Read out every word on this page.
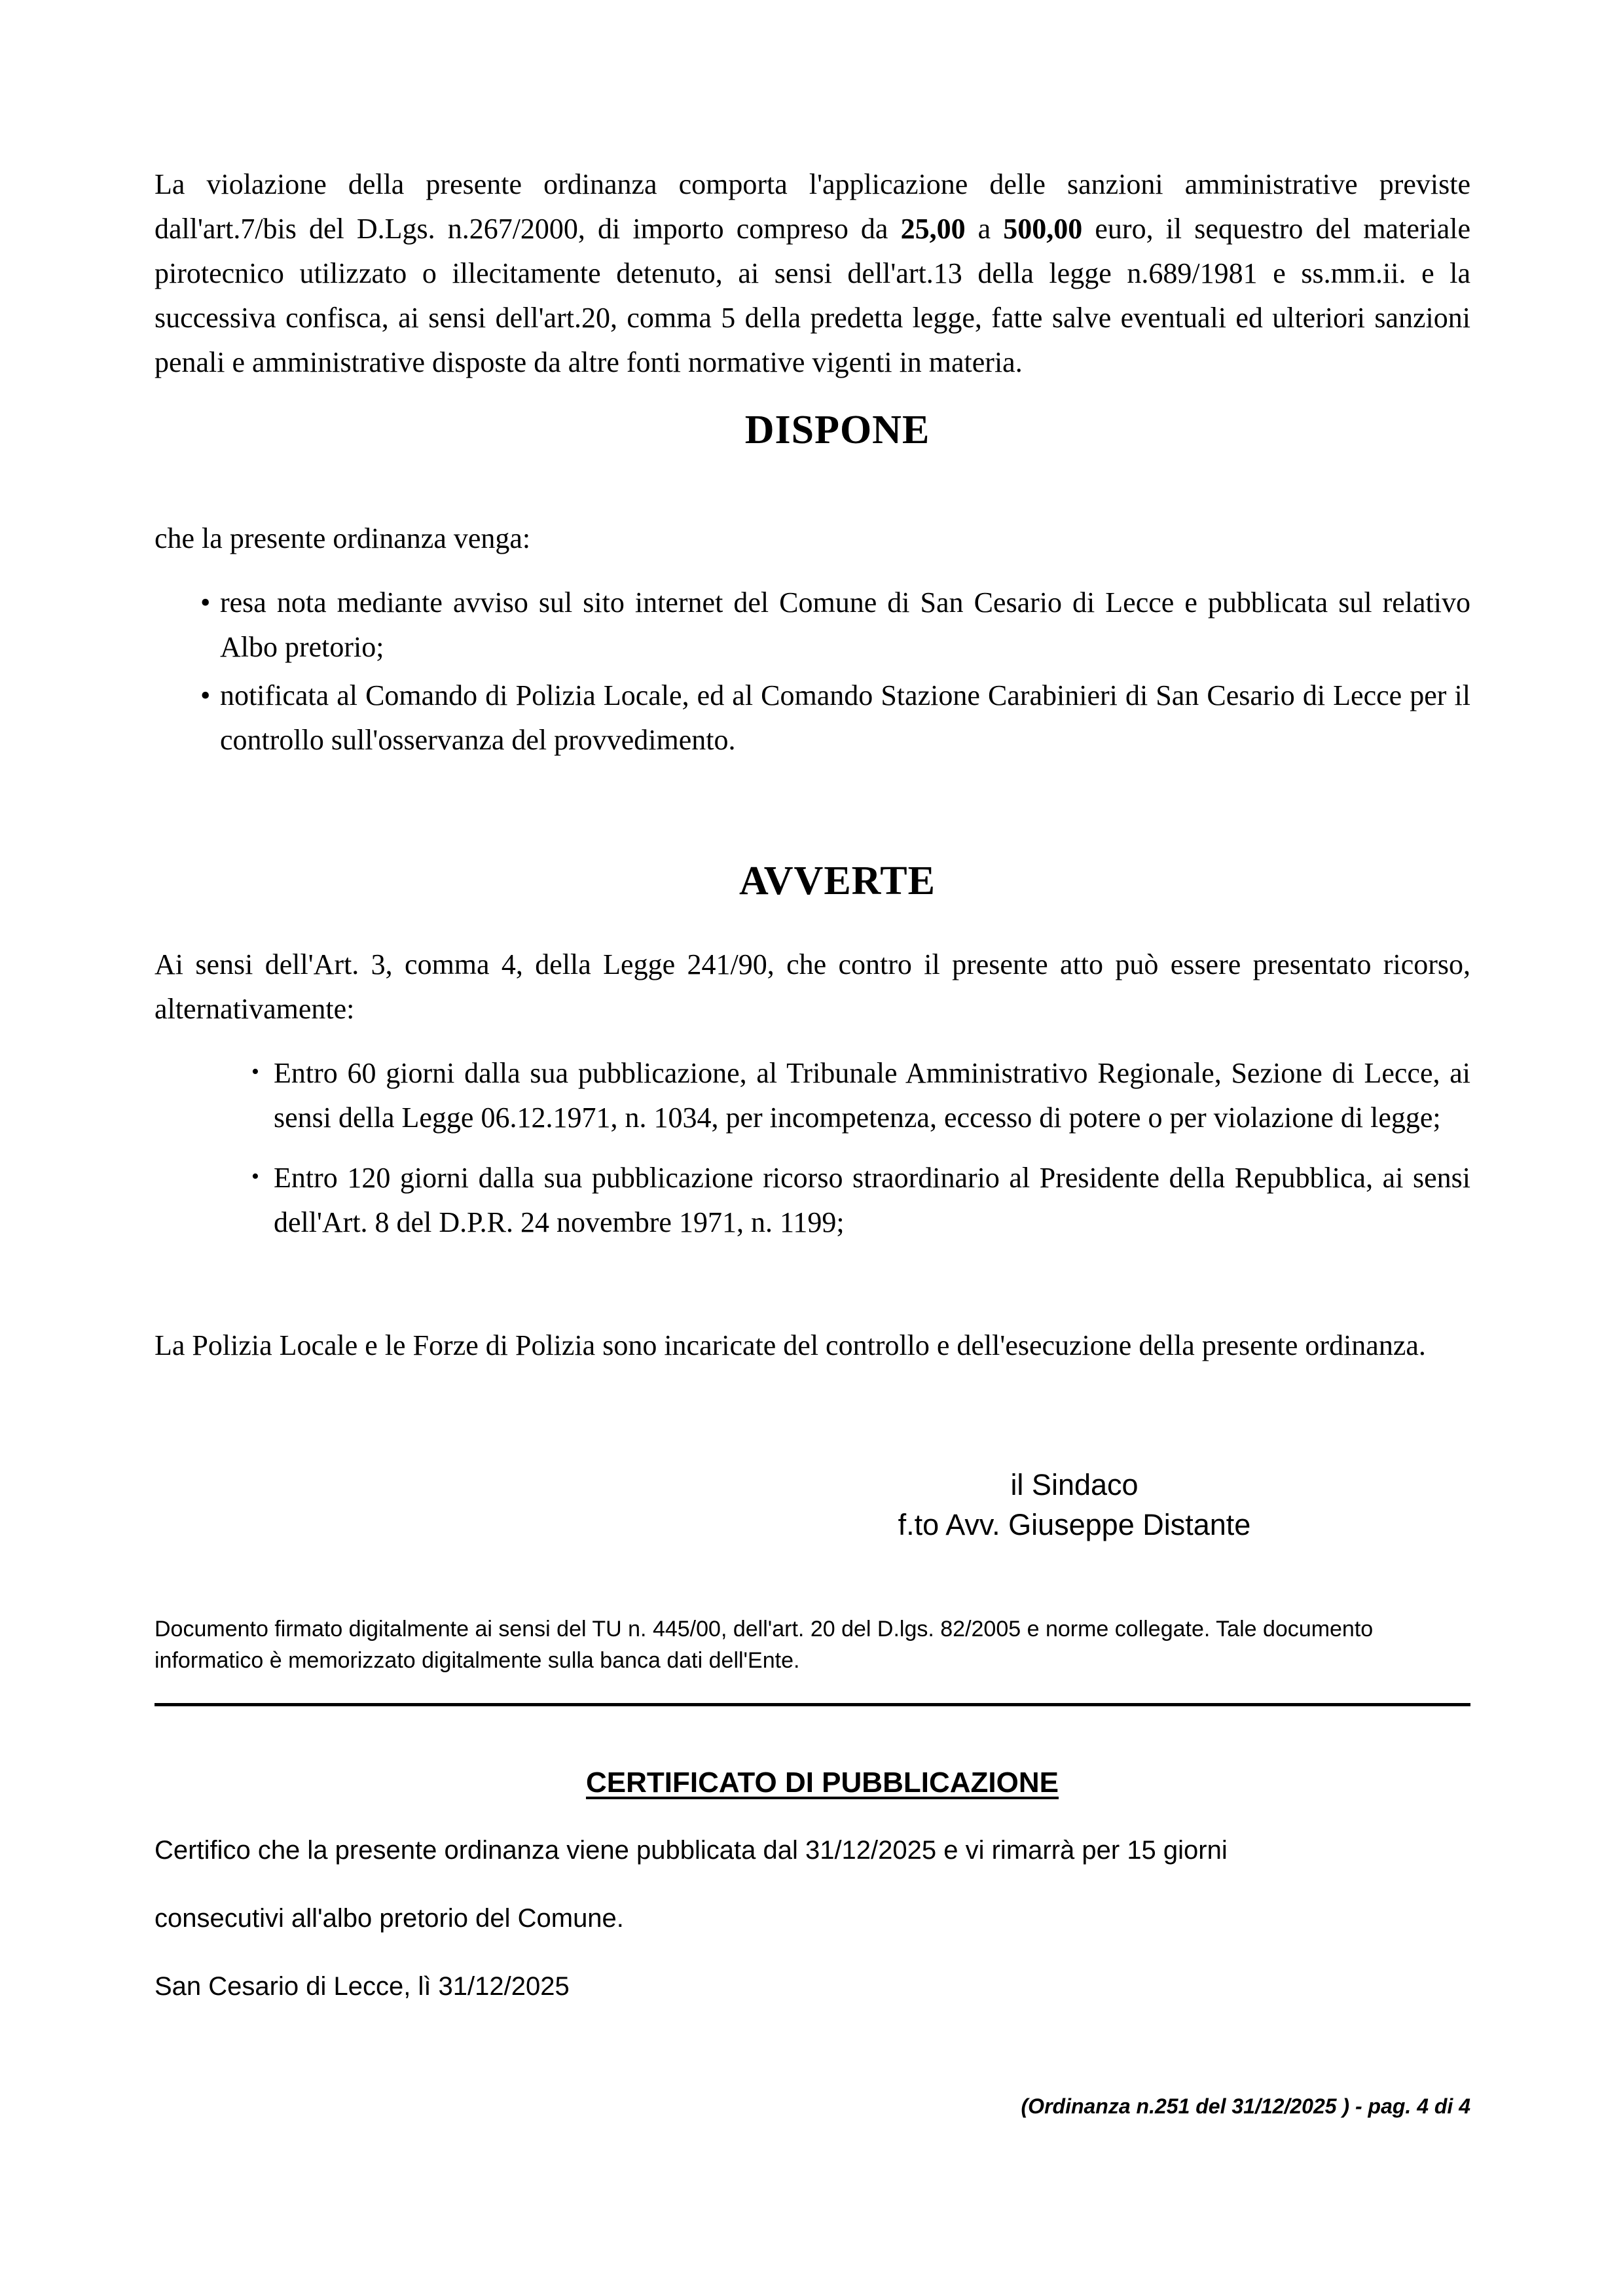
La violazione della presente ordinanza comporta l'applicazione delle sanzioni amministrative previste dall'art.7/bis del D.Lgs. n.267/2000, di importo compreso da 25,00 a 500,00 euro, il sequestro del materiale pirotecnico utilizzato o illecitamente detenuto, ai sensi dell'art.13 della legge n.689/1981 e ss.mm.ii. e la successiva confisca, ai sensi dell'art.20, comma 5 della predetta legge, fatte salve eventuali ed ulteriori sanzioni penali e amministrative disposte da altre fonti normative vigenti in materia.

DISPONE

che la presente ordinanza venga:

• resa nota mediante avviso sul sito internet del Comune di San Cesario di Lecce e pubblicata sul relativo Albo pretorio;
• notificata al Comando di Polizia Locale, ed al Comando Stazione Carabinieri di San Cesario di Lecce per il controllo sull'osservanza del provvedimento.
AVVERTE

Ai sensi dell'Art. 3, comma 4, della Legge 241/90, che contro il presente atto può essere presentato ricorso, alternativamente:

• Entro 60 giorni dalla sua pubblicazione, al Tribunale Amministrativo Regionale, Sezione di Lecce, ai sensi della Legge 06.12.1971, n. 1034, per incompetenza, eccesso di potere o per violazione di legge;
• Entro 120 giorni dalla sua pubblicazione ricorso straordinario al Presidente della Repubblica, ai sensi dell'Art. 8 del D.P.R. 24 novembre 1971, n. 1199;

La Polizia Locale e le Forze di Polizia sono incaricate del controllo e dell'esecuzione della presente ordinanza.

il Sindaco
f.to Avv. Giuseppe Distante
Documento firmato digitalmente ai sensi del TU n. 445/00, dell'art. 20 del D.lgs. 82/2005 e norme collegate. Tale documento informatico è memorizzato digitalmente sulla banca dati dell'Ente.
CERTIFICATO DI PUBBLICAZIONE
Certifico che la presente ordinanza viene pubblicata dal 31/12/2025 e vi rimarrà per 15 giorni
consecutivi all'albo pretorio del Comune.
San Cesario di Lecce, lì 31/12/2025
(Ordinanza n.251 del 31/12/2025 ) - pag. 4 di 4
